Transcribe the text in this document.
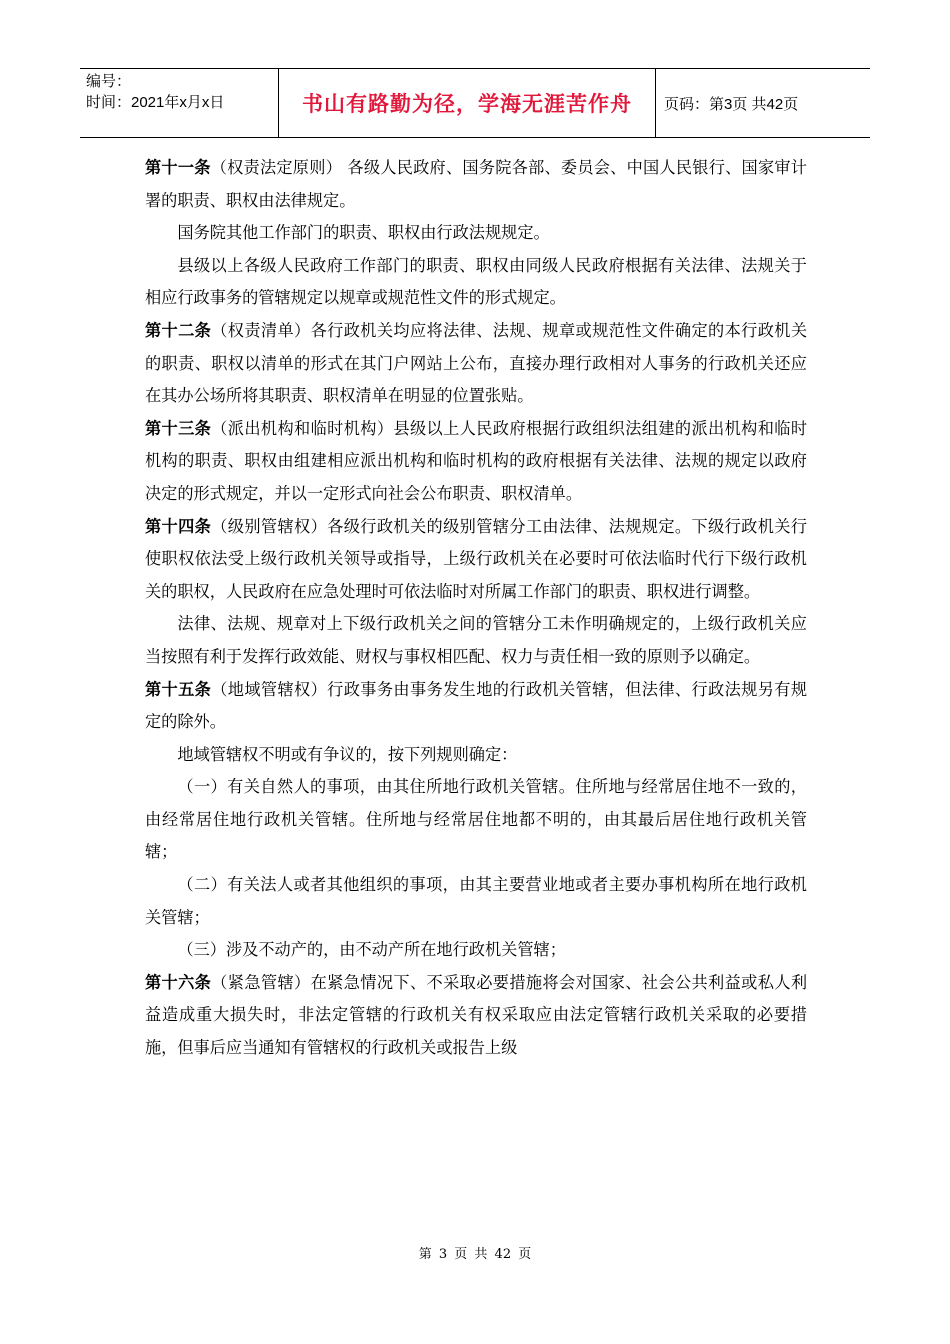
编号：
时间：2021年x月x日	书山有路勤为径，学海无涯苦作舟	页码：第3页 共42页

第十一条（权责法定原则） 各级人民政府、国务院各部、委员会、中国人民银行、国家审计署的职责、职权由法律规定。

国务院其他工作部门的职责、职权由行政法规规定。

县级以上各级人民政府工作部门的职责、职权由同级人民政府根据有关法律、法规关于相应行政事务的管辖规定以规章或规范性文件的形式规定。

第十二条（权责清单）各行政机关均应将法律、法规、规章或规范性文件确定的本行政机关的职责、职权以清单的形式在其门户网站上公布，直接办理行政相对人事务的行政机关还应在其办公场所将其职责、职权清单在明显的位置张贴。

第十三条（派出机构和临时机构）县级以上人民政府根据行政组织法组建的派出机构和临时机构的职责、职权由组建相应派出机构和临时机构的政府根据有关法律、法规的规定以政府决定的形式规定，并以一定形式向社会公布职责、职权清单。

第十四条（级别管辖权）各级行政机关的级别管辖分工由法律、法规规定。下级行政机关行使职权依法受上级行政机关领导或指导，上级行政机关在必要时可依法临时代行下级行政机关的职权，人民政府在应急处理时可依法临时对所属工作部门的职责、职权进行调整。

法律、法规、规章对上下级行政机关之间的管辖分工未作明确规定的，上级行政机关应当按照有利于发挥行政效能、财权与事权相匹配、权力与责任相一致的原则予以确定。

第十五条（地域管辖权）行政事务由事务发生地的行政机关管辖，但法律、行政法规另有规定的除外。

地域管辖权不明或有争议的，按下列规则确定：

（一）有关自然人的事项，由其住所地行政机关管辖。住所地与经常居住地不一致的，由经常居住地行政机关管辖。住所地与经常居住地都不明的，由其最后居住地行政机关管辖；

（二）有关法人或者其他组织的事项，由其主要营业地或者主要办事机构所在地行政机关管辖；

（三）涉及不动产的，由不动产所在地行政机关管辖；

第十六条（紧急管辖）在紧急情况下、不采取必要措施将会对国家、社会公共利益或私人利益造成重大损失时，非法定管辖的行政机关有权采取应由法定管辖行政机关采取的必要措施，但事后应当通知有管辖权的行政机关或报告上级

第 3 页 共 42 页
